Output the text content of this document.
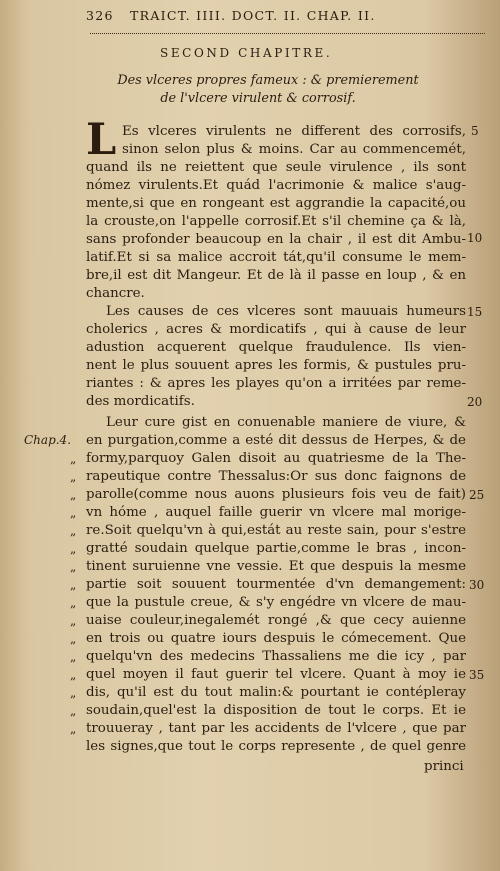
326 TRAICT. IIII. DOCT. II. CHAP. II.
SECOND CHAPITRE.
Des vlceres propres fameux : & premierement
de l'vlcere virulent & corrosif.
L Es vlceres virulents ne different des corrosifs,
sinon selon plus & moins. Car au commencemét,
quand ils ne reiettent que seule virulence , ils sont
nómez virulents.Et quád l'acrimonie & malice s'aug-
mente,si que en rongeant est aggrandie la capacité,ou
la crouste,on l'appelle corrosif.Et s'il chemine ça & là,
sans profonder beaucoup en la chair , il est dit Ambu-
latif.Et si sa malice accroit tát,qu'il consume le mem-
bre,il est dit Mangeur. Et de là il passe en loup , & en
chancre.
Les causes de ces vlceres sont mauuais humeurs
cholerics , acres & mordicatifs , qui à cause de leur
adustion acquerent quelque fraudulence. Ils vien-
nent le plus souuent apres les formis, & pustules pru-
riantes : & apres les playes qu'on a irritées par reme-
des mordicatifs.
Leur cure gist en conuenable maniere de viure, &
en purgation,comme a esté dit dessus de Herpes, & de
formy,parquoy Galen disoit au quatriesme de la The-
rapeutique contre Thessalus:Or sus donc faignons de
parolle(comme nous auons plusieurs fois veu de fait)
vn hóme , auquel faille guerir vn vlcere mal morige-
re.Soit quelqu'vn à qui,estát au reste sain, pour s'estre
gratté soudain quelque partie,comme le bras , incon-
tinent suruienne vne vessie. Et que despuis la mesme
partie soit souuent tourmentée d'vn demangement:
que la pustule creue, & s'y engédre vn vlcere de mau-
uaise couleur,inegalemét rongé ,& que cecy auienne
en trois ou quatre iours despuis le cómecement. Que
quelqu'vn des medecins Thassaliens me die icy , par
quel moyen il faut guerir tel vlcere. Quant à moy ie
dis, qu'il est du tout malin:& pourtant ie contépleray
soudain,quel'est la disposition de tout le corps. Et ie
trouueray , tant par les accidents de l'vlcere , que par
les signes,que tout le corps represente , de quel genre
princi
5
10
15
20
25
30
35
Chap.4.
„
„
„
„
„
„
„
„
„
„
„
„
„
„
„
„
